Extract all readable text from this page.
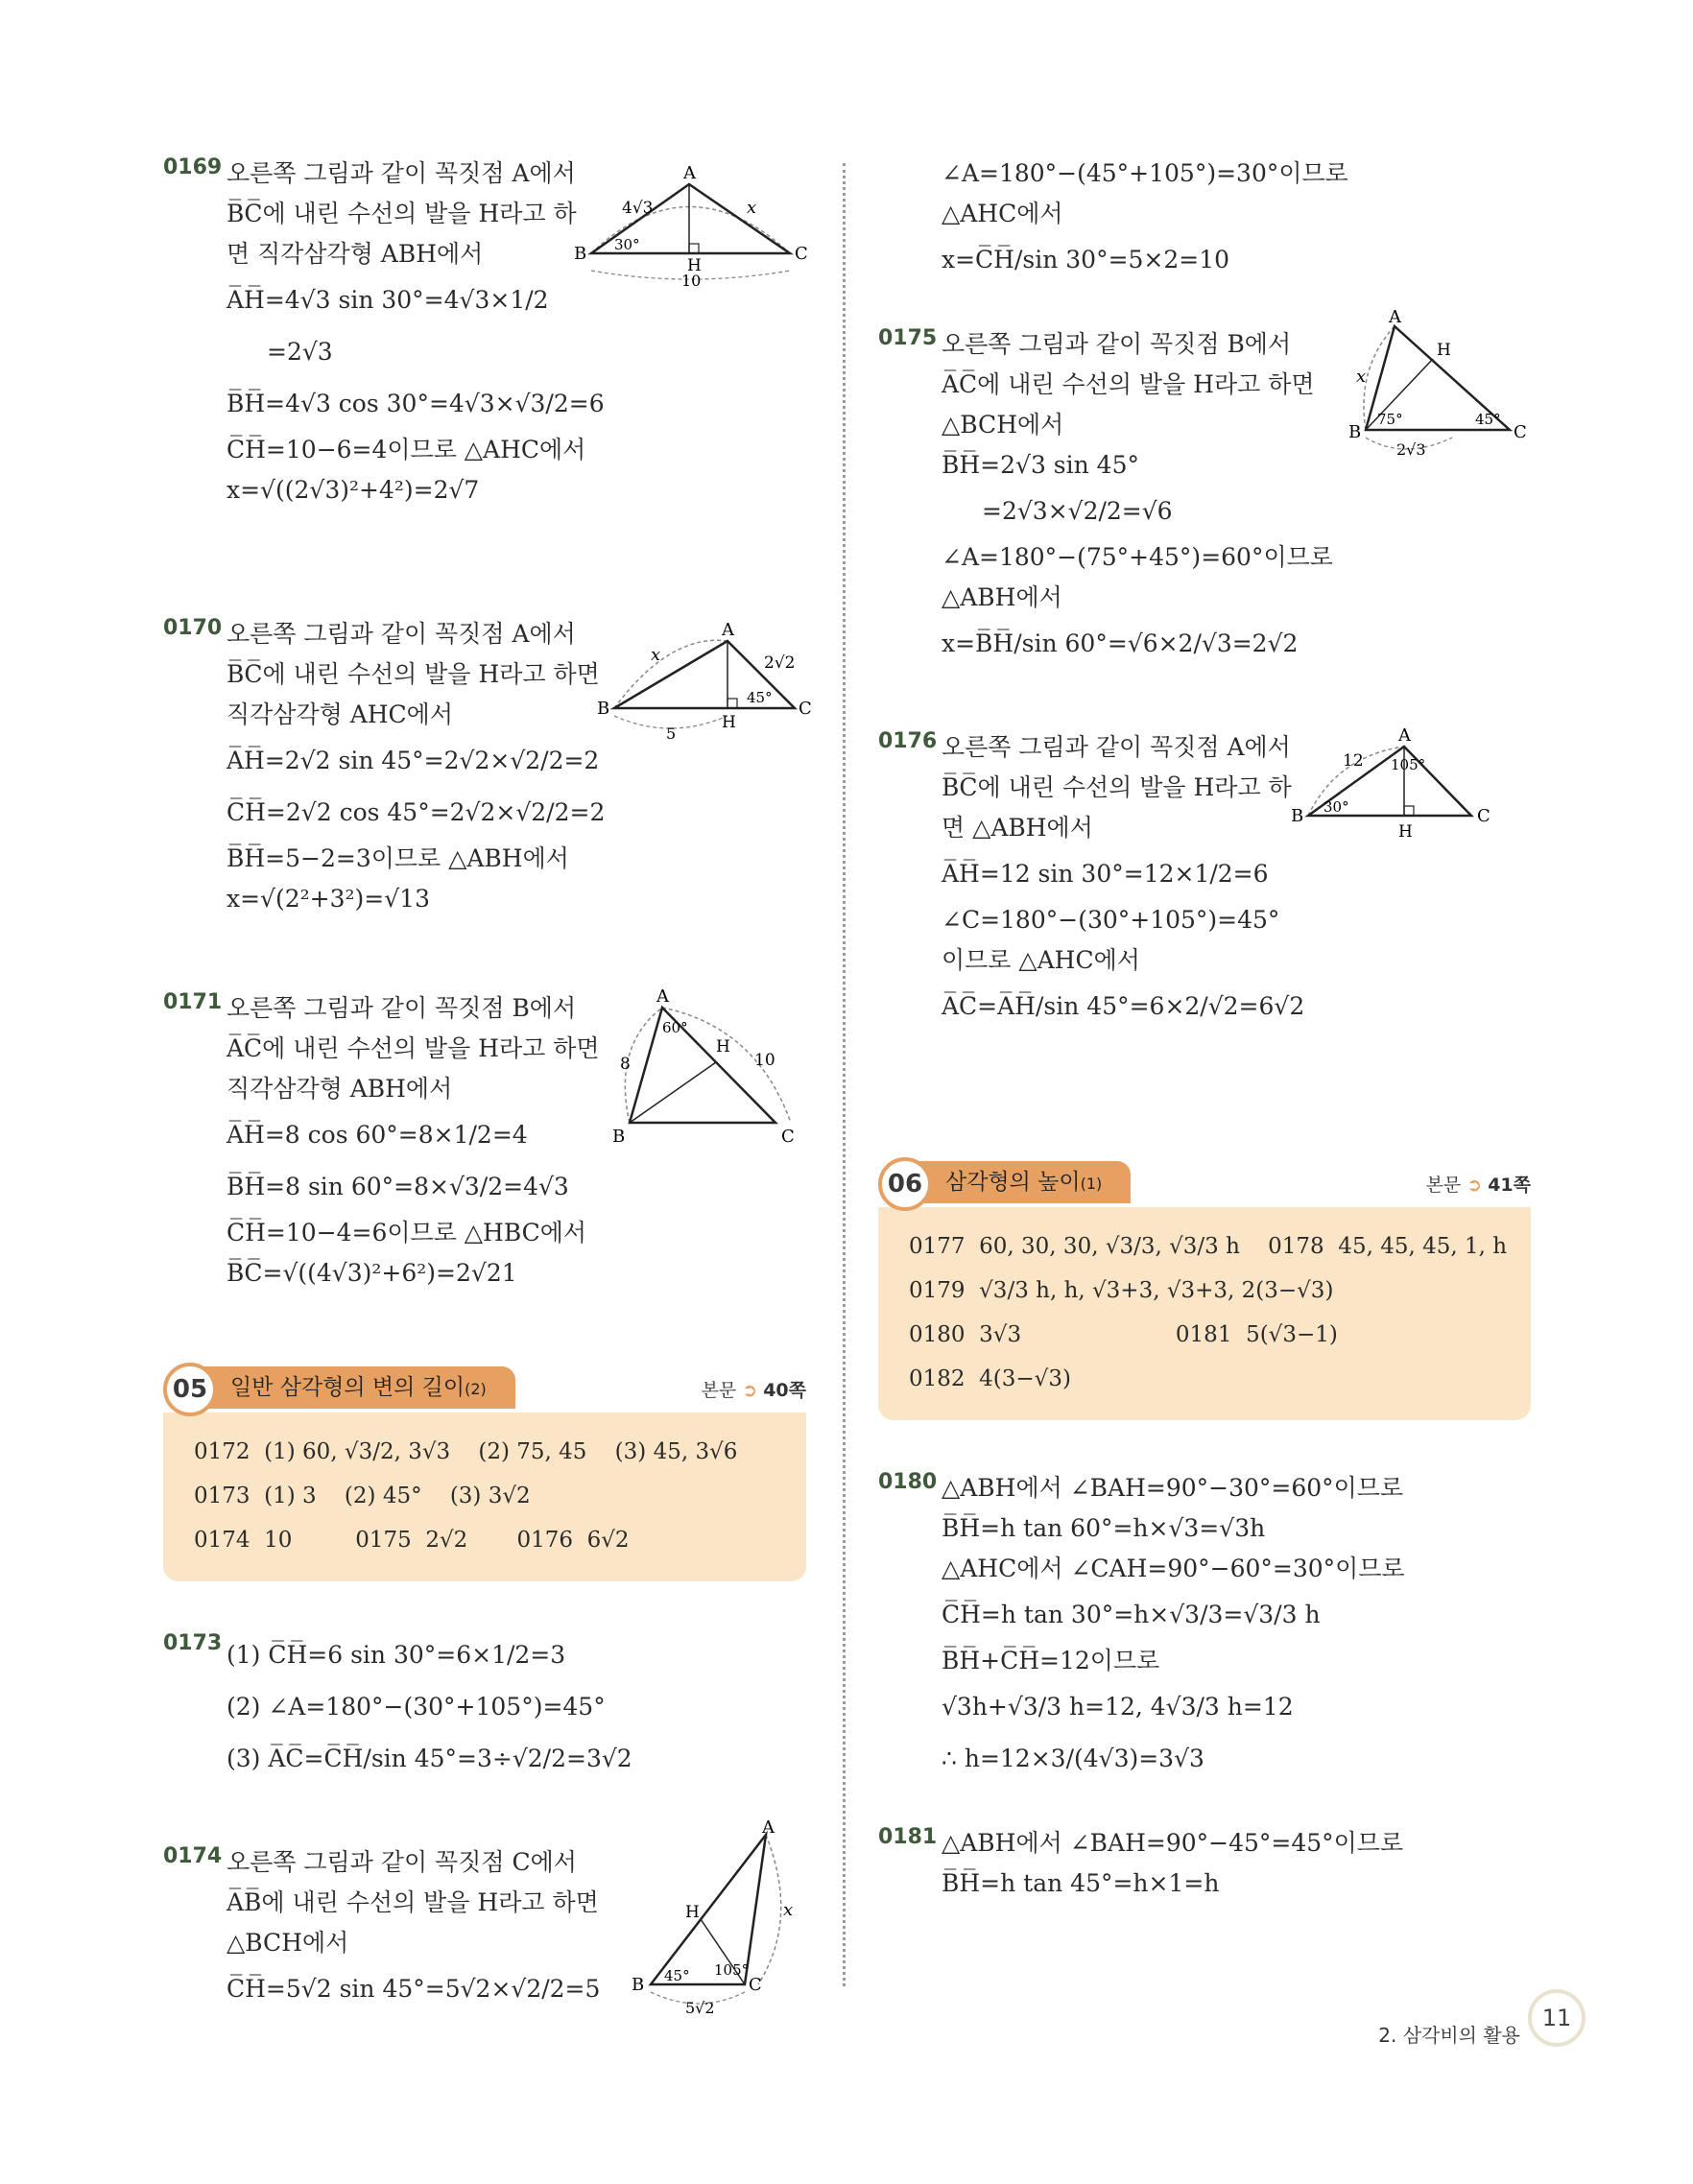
0169 오른쪽 그림과 같이 꼭짓점 A에서
B̅C̅에 내린 수선의 발을 H라고 하
면 직각삼각형 ABH에서
A̅H̅=4√3 sin 30°=4√3×1/2
=2√3
B̅H̅=4√3 cos 30°=4√3×√3/2=6
C̅H̅=10−6=4이므로 △AHC에서
x=√((2√3)²+4²)=2√7
A
B	C
H
4√3
30°
10
x
0170 오른쪽 그림과 같이 꼭짓점 A에서
B̅C̅에 내린 수선의 발을 H라고 하면
직각삼각형 AHC에서
A̅H̅=2√2 sin 45°=2√2×√2/2=2
C̅H̅=2√2 cos 45°=2√2×√2/2=2
B̅H̅=5−2=3이므로 △ABH에서
x=√(2²+3²)=√13
A
B	C
H
2√2
45°
5
x
0171 오른쪽 그림과 같이 꼭짓점 B에서
A̅C̅에 내린 수선의 발을 H라고 하면
직각삼각형 ABH에서
A̅H̅=8 cos 60°=8×1/2=4
B̅H̅=8 sin 60°=8×√3/2=4√3
C̅H̅=10−4=6이므로 △HBC에서
B̅C̅=√((4√3)²+6²)=2√21
A
B	C
H
8
60°
10
05	일반 삼각형의 변의 길이(2)	본문 ➲ 40쪽
0172  (1) 60, √3/2, 3√3    (2) 75, 45    (3) 45, 3√6
0173  (1) 3    (2) 45°    (3) 3√2
0174  10         0175  2√2       0176  6√2
0173 (1) C̅H̅=6 sin 30°=6×1/2=3
(2) ∠A=180°−(30°+105°)=45°
(3) A̅C̅=C̅H̅/sin 45°=3÷√2/2=3√2
0174 오른쪽 그림과 같이 꼭짓점 C에서
A̅B̅에 내린 수선의 발을 H라고 하면
△BCH에서
C̅H̅=5√2 sin 45°=5√2×√2/2=5
A
B	C
H
45° 105°
5√2
x
∠A=180°−(45°+105°)=30°이므로
△AHC에서
x=C̅H̅/sin 30°=5×2=10
0175 오른쪽 그림과 같이 꼭짓점 B에서
A̅C̅에 내린 수선의 발을 H라고 하면
△BCH에서
B̅H̅=2√3 sin 45°
=2√3×√2/2=√6
∠A=180°−(75°+45°)=60°이므로
△ABH에서
x=B̅H̅/sin 60°=√6×2/√3=2√2
A
B	C
H
75°	45°
2√3
x
0176 오른쪽 그림과 같이 꼭짓점 A에서
B̅C̅에 내린 수선의 발을 H라고 하
면 △ABH에서
A̅H̅=12 sin 30°=12×1/2=6
∠C=180°−(30°+105°)=45°
이므로 △AHC에서
A̅C̅=A̅H̅/sin 45°=6×2/√2=6√2
A
B	C
H
12
30°
105°
06	삼각형의 높이(1)	본문 ➲ 41쪽
0177  60, 30, 30, √3/3, √3/3 h    0178  45, 45, 45, 1, h
0179  √3/3 h, h, √3+3, √3+3, 2(3−√3)
0180  3√3                      0181  5(√3−1)
0182  4(3−√3)
0180 △ABH에서 ∠BAH=90°−30°=60°이므로
B̅H̅=h tan 60°=h×√3=√3h
△AHC에서 ∠CAH=90°−60°=30°이므로
C̅H̅=h tan 30°=h×√3/3=√3/3 h
B̅H̅+C̅H̅=12이므로
√3h+√3/3 h=12, 4√3/3 h=12
∴ h=12×3/(4√3)=3√3
0181 △ABH에서 ∠BAH=90°−45°=45°이므로
B̅H̅=h tan 45°=h×1=h
2. 삼각비의 활용
11
